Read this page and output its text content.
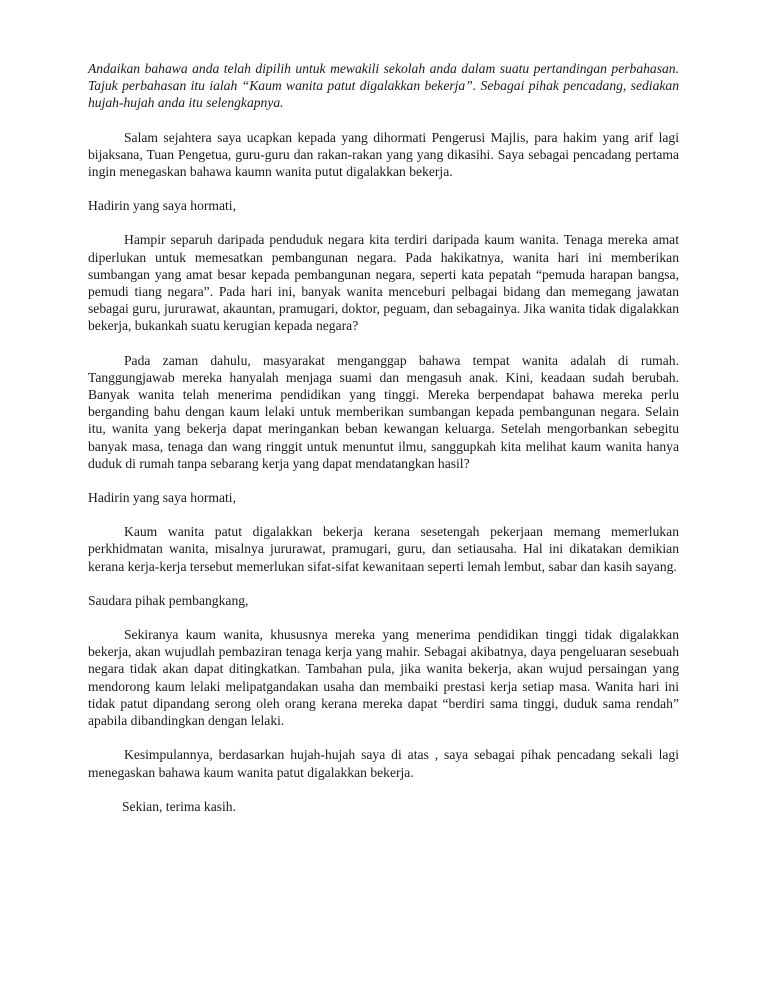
Andaikan bahawa anda telah dipilih untuk mewakili sekolah anda dalam suatu pertandingan perbahasan. Tajuk perbahasan itu ialah “Kaum wanita patut digalakkan bekerja”. Sebagai pihak pencadang, sediakan hujah-hujah anda itu selengkapnya.

Salam sejahtera saya ucapkan kepada yang dihormati Pengerusi Majlis, para hakim yang arif lagi bijaksana, Tuan Pengetua, guru-guru dan rakan-rakan yang yang dikasihi. Saya sebagai pencadang pertama ingin menegaskan bahawa kaumn wanita putut digalakkan bekerja.

Hadirin yang saya hormati,

Hampir separuh daripada penduduk negara kita terdiri daripada kaum wanita. Tenaga mereka amat diperlukan untuk memesatkan pembangunan negara. Pada hakikatnya, wanita hari ini memberikan sumbangan yang amat besar kepada pembangunan negara, seperti kata pepatah “pemuda harapan bangsa, pemudi tiang negara”. Pada hari ini, banyak wanita menceburi pelbagai bidang dan memegang jawatan sebagai guru, jururawat, akauntan, pramugari, doktor, peguam, dan sebagainya. Jika wanita tidak digalakkan bekerja, bukankah suatu kerugian kepada negara?

Pada zaman dahulu, masyarakat menganggap bahawa tempat wanita adalah di rumah. Tanggungjawab mereka hanyalah menjaga suami dan mengasuh anak. Kini, keadaan sudah berubah. Banyak wanita telah menerima pendidikan yang tinggi. Mereka berpendapat bahawa mereka perlu berganding bahu dengan kaum lelaki untuk memberikan sumbangan kepada pembangunan negara. Selain itu, wanita yang bekerja dapat meringankan beban kewangan keluarga. Setelah mengorbankan sebegitu banyak masa, tenaga dan wang ringgit untuk menuntut ilmu, sanggupkah kita melihat kaum wanita hanya duduk di rumah tanpa sebarang kerja yang dapat mendatangkan hasil?

Hadirin yang saya hormati,

Kaum wanita patut digalakkan bekerja kerana sesetengah pekerjaan memang memerlukan perkhidmatan wanita, misalnya jururawat, pramugari, guru, dan setiausaha. Hal ini dikatakan demikian kerana kerja-kerja tersebut memerlukan sifat-sifat kewanitaan seperti lemah lembut, sabar dan kasih sayang.

Saudara pihak pembangkang,

Sekiranya kaum wanita, khususnya mereka yang menerima pendidikan tinggi tidak digalakkan bekerja, akan wujudlah pembaziran tenaga kerja yang mahir. Sebagai akibatnya, daya pengeluaran sesebuah negara tidak akan dapat ditingkatkan. Tambahan pula, jika wanita bekerja, akan wujud persaingan yang mendorong kaum lelaki melipatgandakan usaha dan membaiki prestasi kerja setiap masa. Wanita hari ini tidak patut dipandang serong oleh orang kerana mereka dapat “berdiri sama tinggi, duduk sama rendah” apabila dibandingkan dengan lelaki.

Kesimpulannya, berdasarkan hujah-hujah saya di atas , saya sebagai pihak pencadang sekali lagi menegaskan bahawa kaum wanita patut digalakkan bekerja.

Sekian, terima kasih.
